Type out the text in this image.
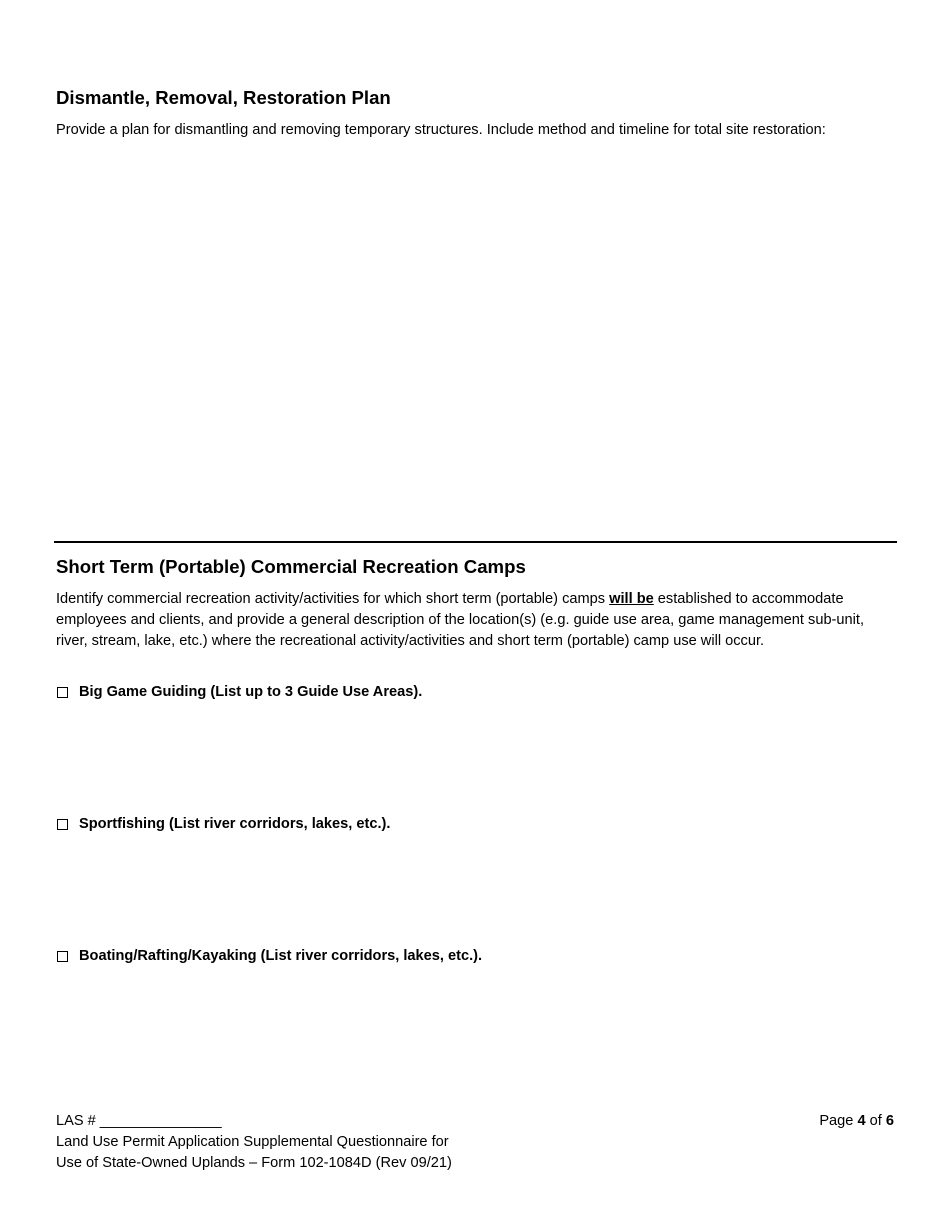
Dismantle, Removal, Restoration Plan
Provide a plan for dismantling and removing temporary structures. Include method and timeline for total site restoration:
Short Term (Portable) Commercial Recreation Camps
Identify commercial recreation activity/activities for which short term (portable) camps will be established to accommodate employees and clients, and provide a general description of the location(s) (e.g. guide use area, game management sub-unit, river, stream, lake, etc.) where the recreational activity/activities and short term (portable) camp use will occur.
Big Game Guiding (List up to 3 Guide Use Areas).
Sportfishing (List river corridors, lakes, etc.).
Boating/Rafting/Kayaking (List river corridors, lakes, etc.).
LAS # _______________
Land Use Permit Application Supplemental Questionnaire for
Use of State-Owned Uplands – Form 102-1084D (Rev 09/21)
Page 4 of 6
